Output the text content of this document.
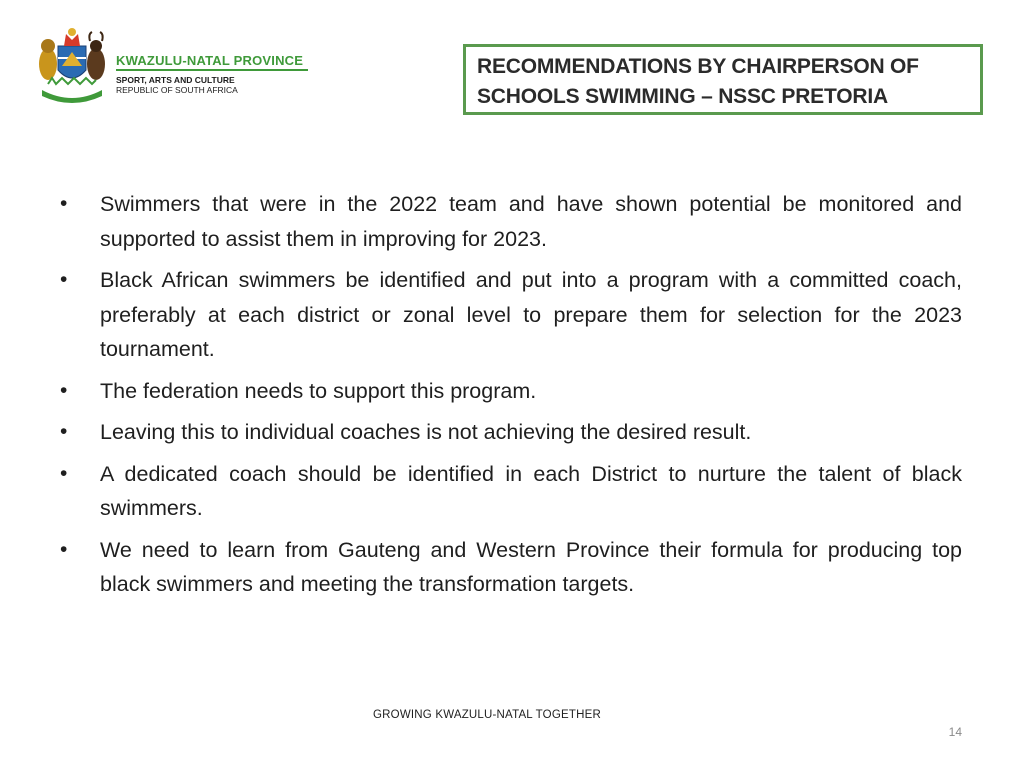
KWAZULU-NATAL PROVINCE
SPORT, ARTS AND CULTURE
REPUBLIC OF SOUTH AFRICA
RECOMMENDATIONS BY CHAIRPERSON OF
SCHOOLS SWIMMING – NSSC PRETORIA
•	Swimmers that were in the 2022 team and have shown potential be monitored and supported to assist them in improving for 2023.
•	Black African swimmers be identified and put into a program with a committed coach, preferably at each district or zonal level to prepare them for selection for the 2023 tournament.
•	The federation needs to support this program.
•	Leaving this to individual coaches is not achieving the desired result.
•	A dedicated coach should be identified in each District to nurture the talent of black swimmers.
•	We need to learn from Gauteng and Western Province their formula for producing top black swimmers and meeting the transformation targets.
GROWING KWAZULU-NATAL TOGETHER
14
